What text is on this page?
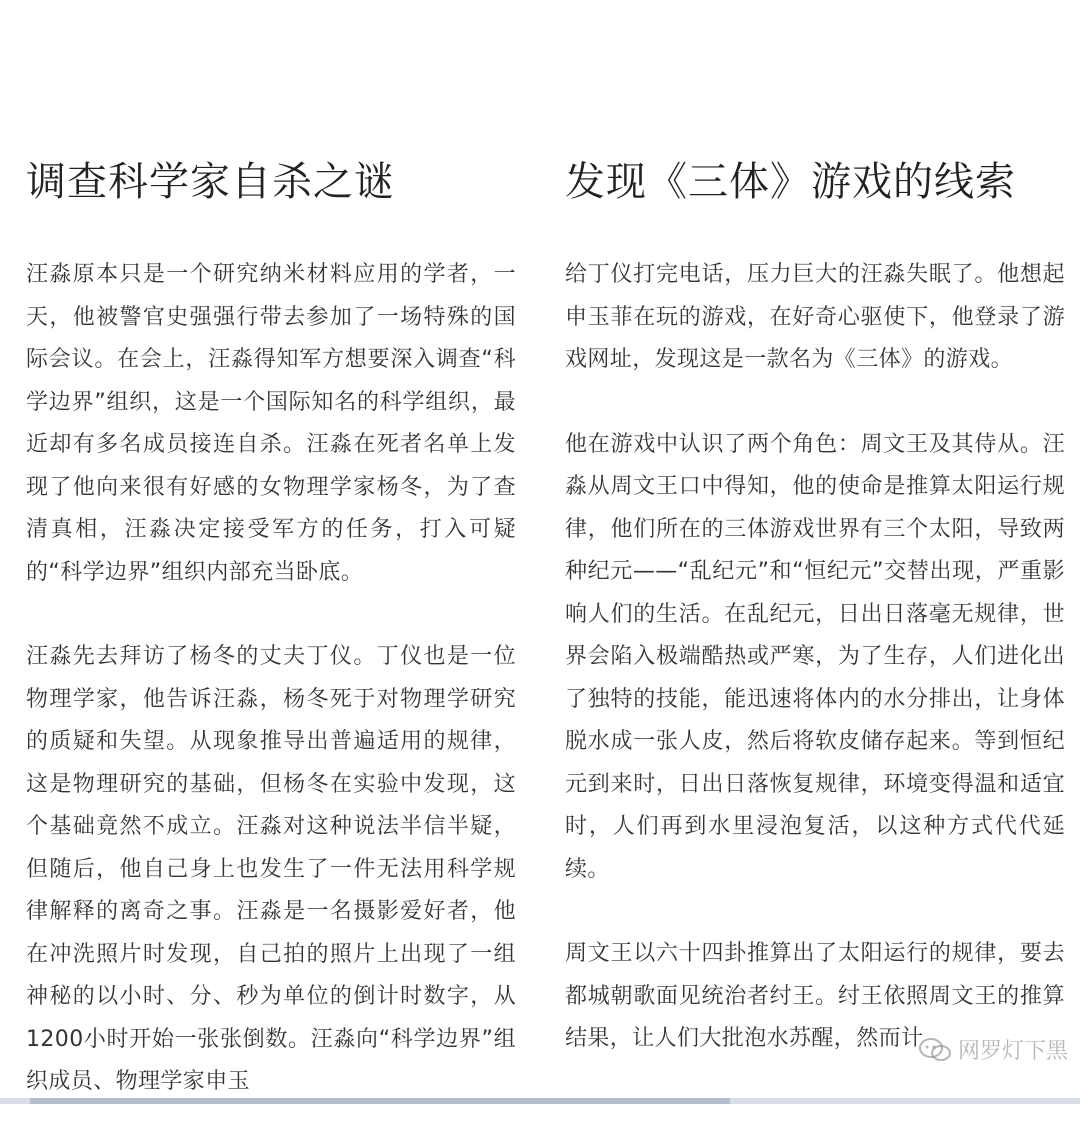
调查科学家自杀之谜

汪淼原本只是一个研究纳米材料应用的学者，一天，他被警官史强强行带去参加了一场特殊的国际会议。在会上，汪淼得知军方想要深入调查“科学边界”组织，这是一个国际知名的科学组织，最近却有多名成员接连自杀。汪淼在死者名单上发现了他向来很有好感的女物理学家杨冬，为了查清真相，汪淼决定接受军方的任务，打入可疑的“科学边界”组织内部充当卧底。

汪淼先去拜访了杨冬的丈夫丁仪。丁仪也是一位物理学家，他告诉汪淼，杨冬死于对物理学研究的质疑和失望。从现象推导出普遍适用的规律，这是物理研究的基础，但杨冬在实验中发现，这个基础竟然不成立。汪淼对这种说法半信半疑，但随后，他自己身上也发生了一件无法用科学规律解释的离奇之事。汪淼是一名摄影爱好者，他在冲洗照片时发现，自己拍的照片上出现了一组神秘的以小时、分、秒为单位的倒计时数字，从1200小时开始一张张倒数。汪淼向“科学边界”组织成员、物理学家申玉

发现《三体》游戏的线索

给丁仪打完电话，压力巨大的汪淼失眠了。他想起申玉菲在玩的游戏，在好奇心驱使下，他登录了游戏网址，发现这是一款名为《三体》的游戏。

他在游戏中认识了两个角色：周文王及其侍从。汪淼从周文王口中得知，他的使命是推算太阳运行规律，他们所在的三体游戏世界有三个太阳，导致两种纪元——“乱纪元”和“恒纪元”交替出现，严重影响人们的生活。在乱纪元，日出日落毫无规律，世界会陷入极端酷热或严寒，为了生存，人们进化出了独特的技能，能迅速将体内的水分排出，让身体脱水成一张人皮，然后将软皮储存起来。等到恒纪元到来时，日出日落恢复规律，环境变得温和适宜时，人们再到水里浸泡复活，以这种方式代代延续。

周文王以六十四卦推算出了太阳运行的规律，要去都城朝歌面见统治者纣王。纣王依照周文王的推算结果，让人们大批泡水苏醒，然而计

网罗灯下黑
